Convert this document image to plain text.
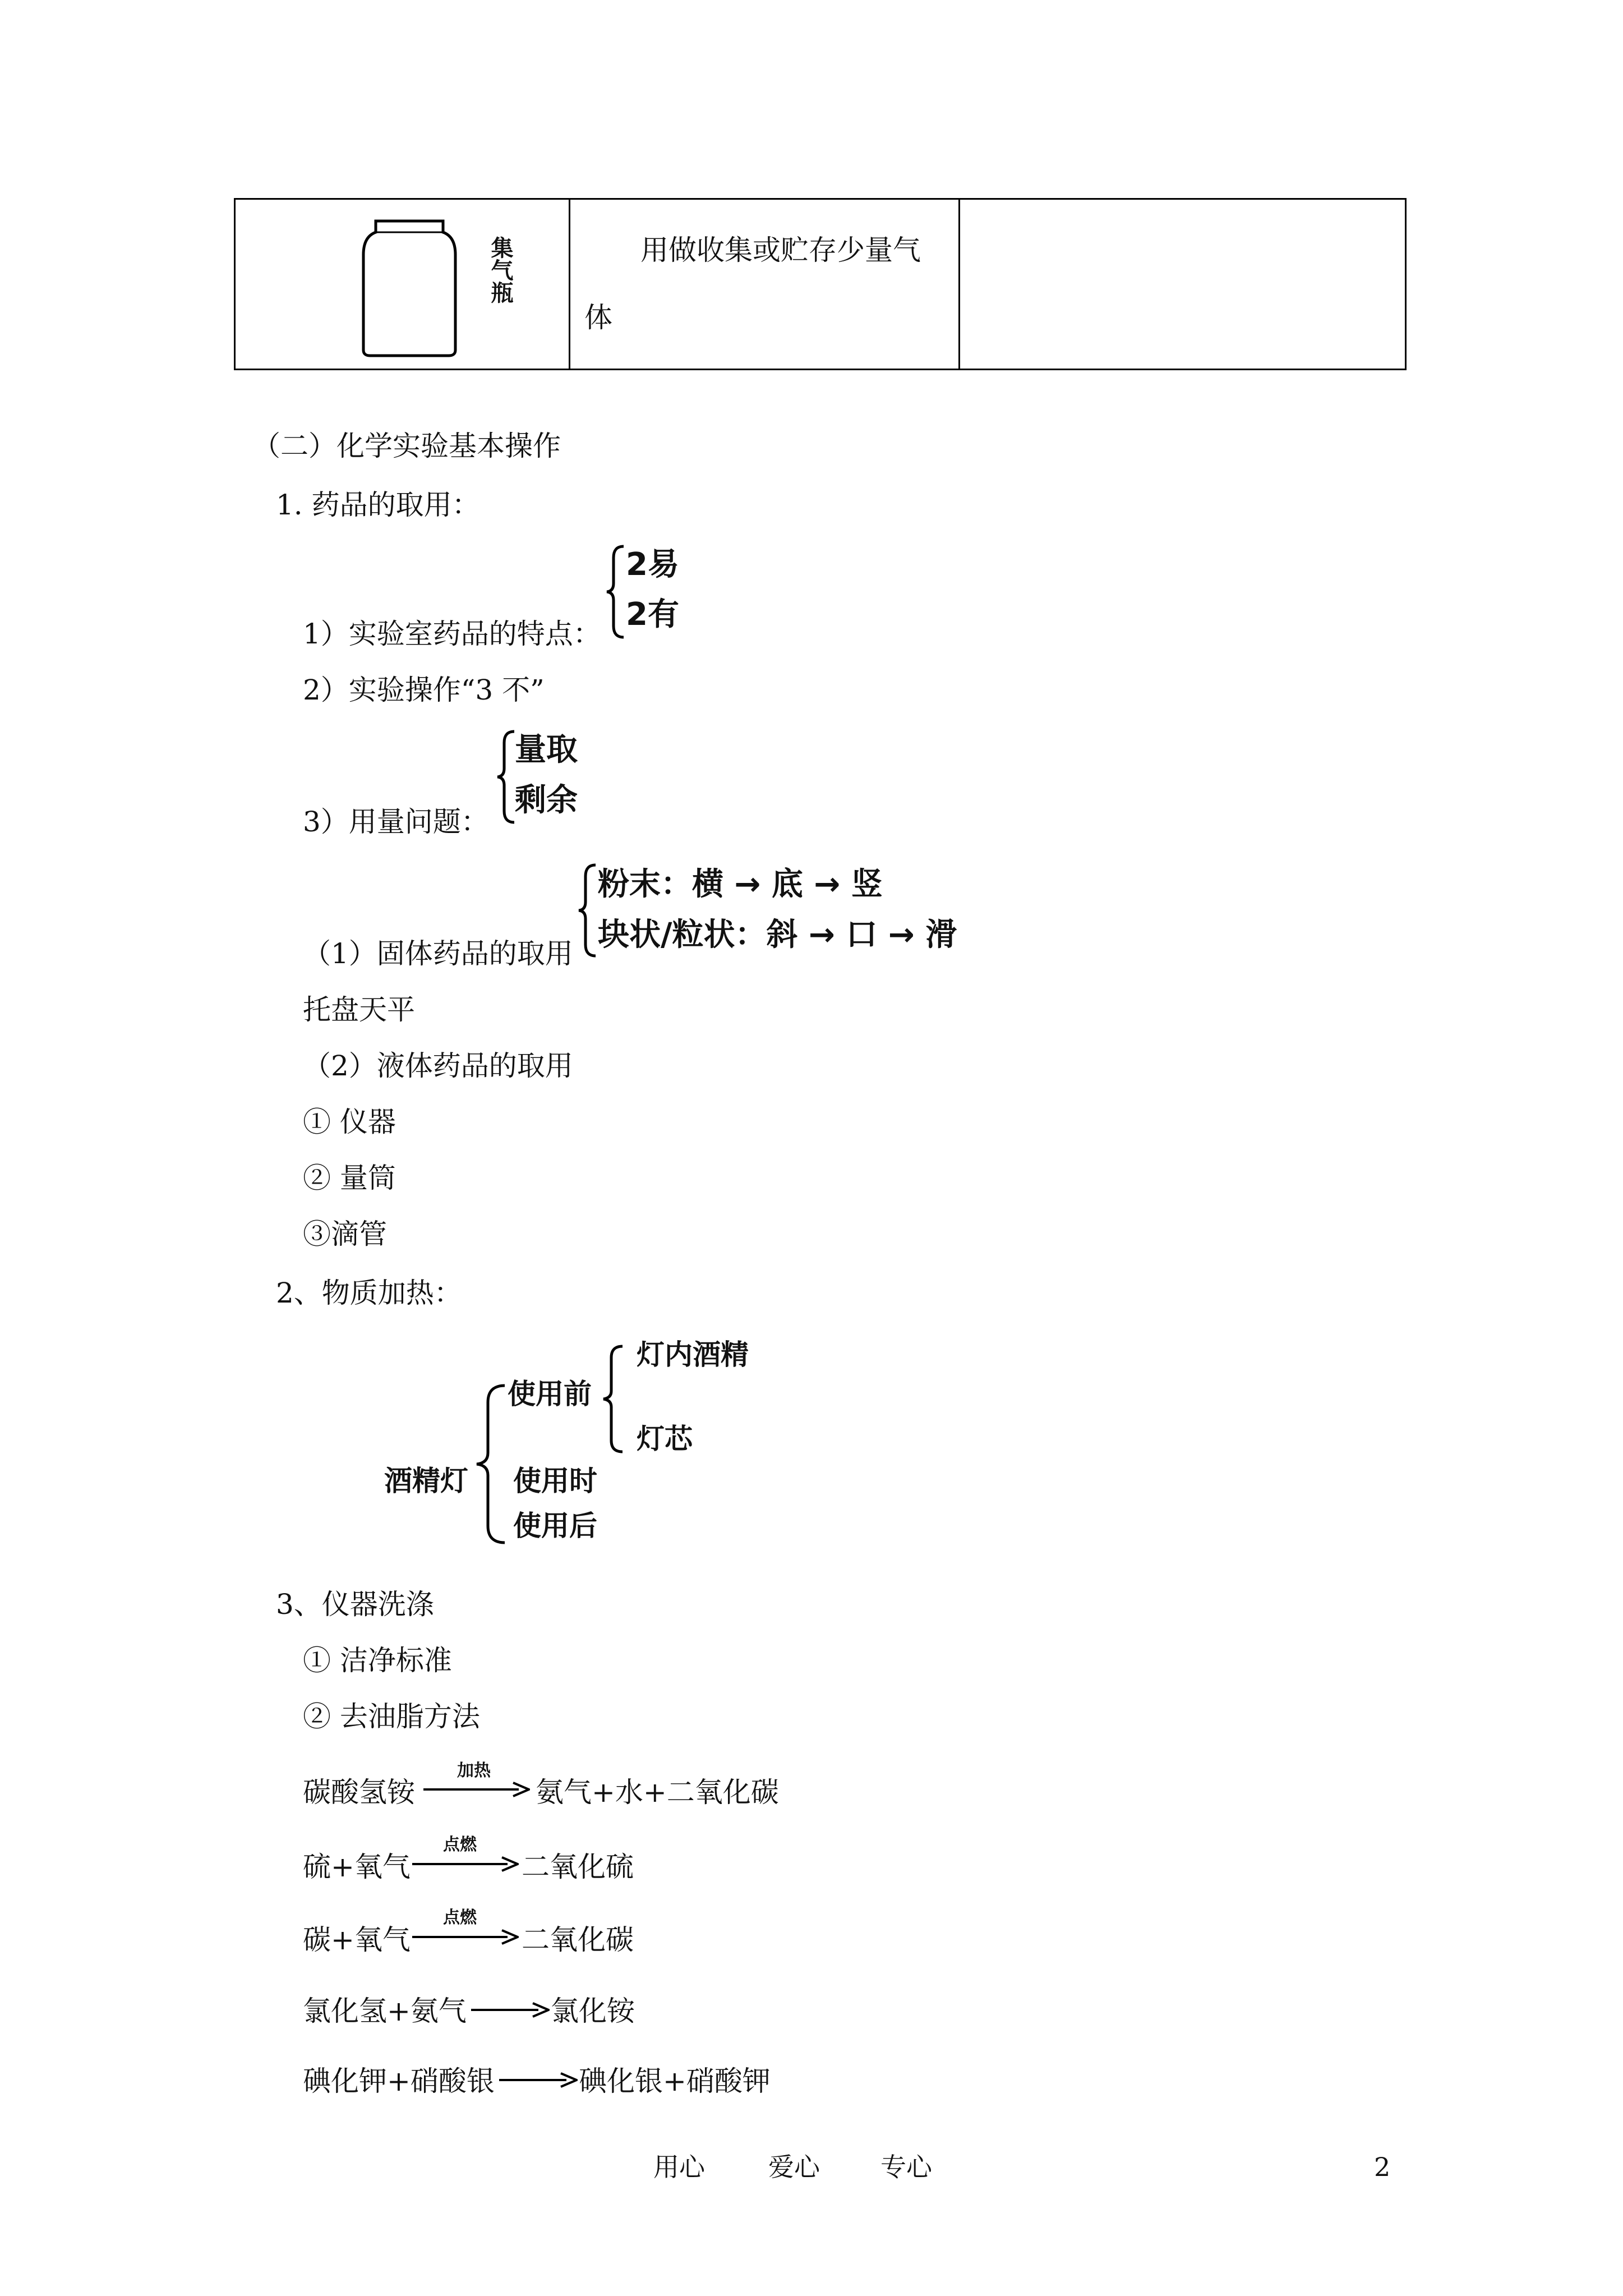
集气瓶	用做收集或贮存少量气
体
（二）化学实验基本操作
1. 药品的取用：
2易
2有
1）实验室药品的特点：
2）实验操作“3 不”
量取
剩余
3）用量问题：
粉末：横 → 底 → 竖
块状/粒状：斜 → 口 → 滑
（1）固体药品的取用
托盘天平
（2）液体药品的取用
① 仪器
② 量筒
③滴管
2、物质加热：
灯内酒精
使用前
灯芯
酒精灯 使用时
使用后
3、仪器洗涤
① 洁净标准
② 去油脂方法
碳酸氢铵
加热
氨气+水+二氧化碳
硫+氧气
点燃
二氧化硫
碳+氧气
点燃
二氧化碳
氯化氢+氨气	氯化铵
碘化钾+硝酸银	碘化银+硝酸钾
用心 爱心 专心	2
